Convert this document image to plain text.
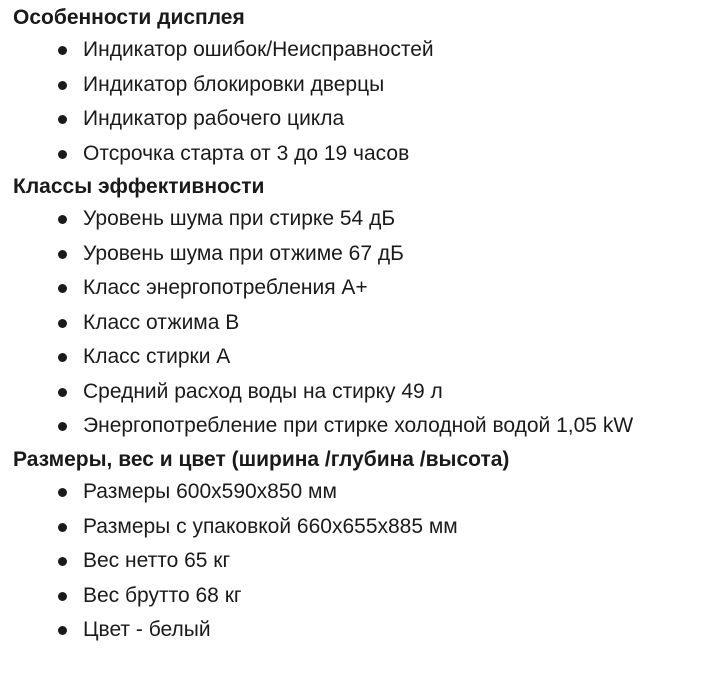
Особенности дисплея
Индикатор ошибок/Неисправностей
Индикатор блокировки дверцы
Индикатор рабочего цикла
Отсрочка старта от 3 до 19 часов
Классы эффективности
Уровень шума при стирке 54 дБ
Уровень шума при отжиме 67 дБ
Класс энергопотребления A+
Класс отжима B
Класс стирки A
Средний расход воды на стирку 49 л
Энергопотребление при стирке холодной водой 1,05 kW
Размеры, вес и цвет (ширина /глубина /высота)
Размеры 600x590x850 мм
Размеры с упаковкой 660x655x885 мм
Вес нетто 65 кг
Вес брутто 68 кг
Цвет - белый
